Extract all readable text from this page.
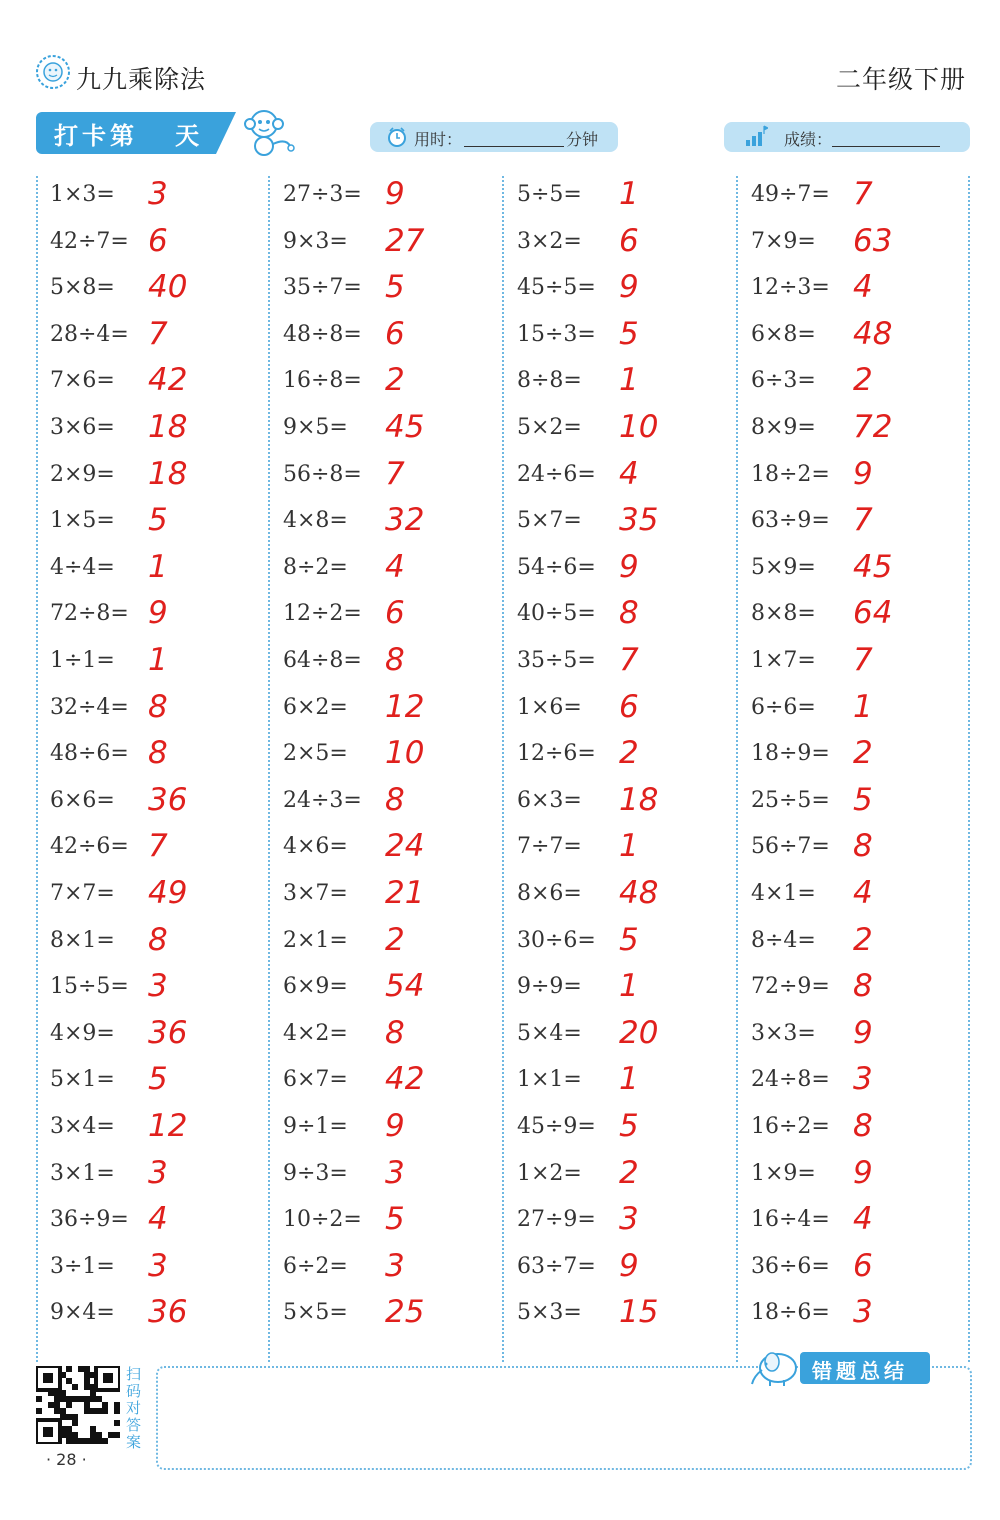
九九乘除法	二年级下册
打卡第   天	用时：	分钟	成绩：
1×3= 3
42÷7= 6
5×8= 40
28÷4= 7
7×6= 42
3×6= 18
2×9= 18
1×5= 5
4÷4= 1
72÷8= 9
1÷1= 1
32÷4= 8
48÷6= 8
6×6= 36
42÷6= 7
7×7= 49
8×1= 8
15÷5= 3
4×9= 36
5×1= 5
3×4= 12
3×1= 3
36÷9= 4
3÷1= 3
9×4= 36
27÷3= 9
9×3= 27
35÷7= 5
48÷8= 6
16÷8= 2
9×5= 45
56÷8= 7
4×8= 32
8÷2= 4
12÷2= 6
64÷8= 8
6×2= 12
2×5= 10
24÷3= 8
4×6= 24
3×7= 21
2×1= 2
6×9= 54
4×2= 8
6×7= 42
9÷1= 9
9÷3= 3
10÷2= 5
6÷2= 3
5×5= 25
5÷5= 1
3×2= 6
45÷5= 9
15÷3= 5
8÷8= 1
5×2= 10
24÷6= 4
5×7= 35
54÷6= 9
40÷5= 8
35÷5= 7
1×6= 6
12÷6= 2
6×3= 18
7÷7= 1
8×6= 48
30÷6= 5
9÷9= 1
5×4= 20
1×1= 1
45÷9= 5
1×2= 2
27÷9= 3
63÷7= 9
5×3= 15
49÷7= 7
7×9= 63
12÷3= 4
6×8= 48
6÷3= 2
8×9= 72
18÷2= 9
63÷9= 7
5×9= 45
8×8= 64
1×7= 7
6÷6= 1
18÷9= 2
25÷5= 5
56÷7= 8
4×1= 4
8÷4= 2
72÷9= 8
3×3= 9
24÷8= 3
16÷2= 8
1×9= 9
16÷4= 4
36÷6= 6
18÷6= 3
扫码对答案
· 28 ·
错题总结
